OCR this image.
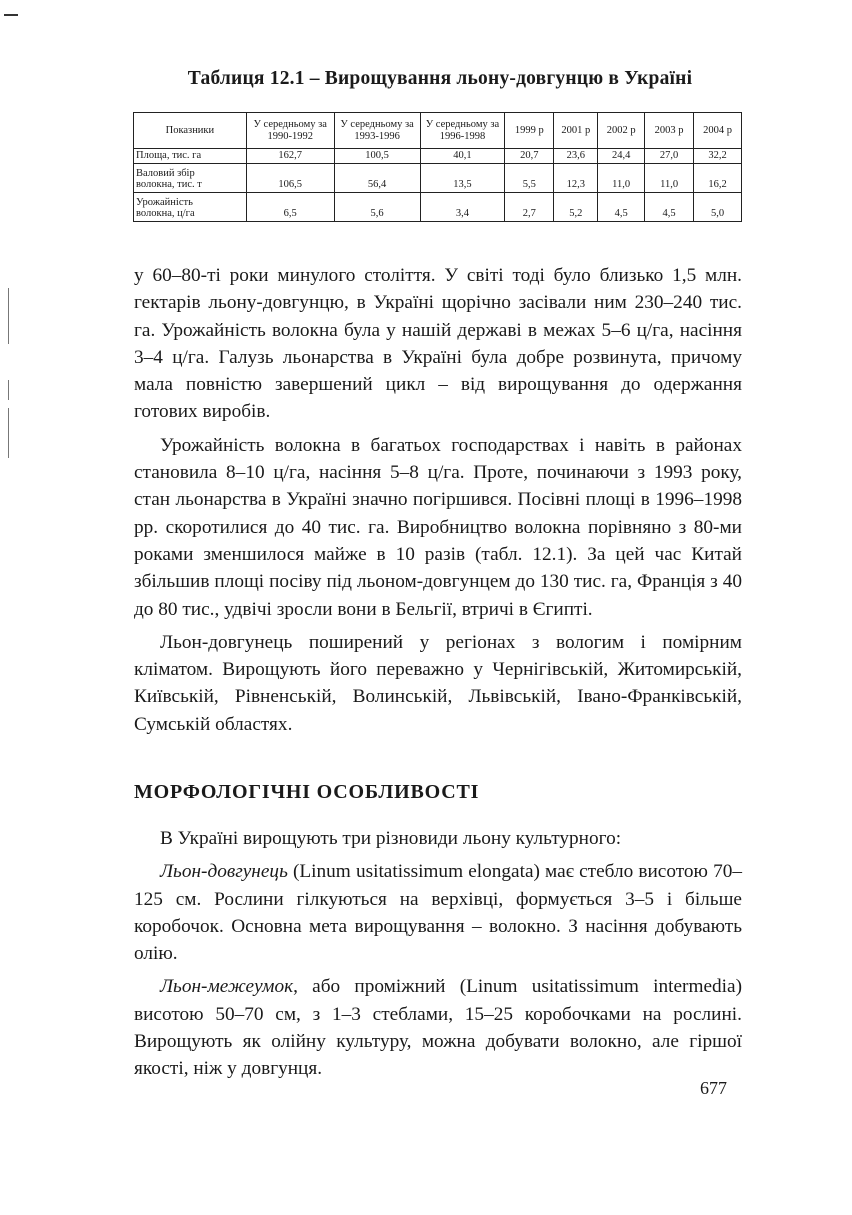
Таблиця 12.1 – Вирощування льону-довгунцю в Україні
Показники	У середньому за 1990-1992	У середньому за 1993-1996	У середньому за 1996-1998	1999 р	2001 р	2002 р	2003 р	2004 р

Площа, тис. га	162,7	100,5	40,1	20,7	23,6	24,4	27,0	32,2

Валовий збір
волокна, тис. т	106,5	56,4	13,5	5,5	12,3	11,0	11,0	16,2

Урожайність
волокна, ц/га	6,5	5,6	3,4	2,7	5,2	4,5	4,5	5,0

у 60–80-ті роки минулого століття. У світі тоді було близько 1,5 млн. гектарів льону-довгунцю, в Україні щорічно засівали ним 230–240 тис. га. Урожайність волокна була у нашій державі в межах 5–6 ц/га, насіння 3–4 ц/га. Галузь льонарства в Україні була добре розвинута, причому мала повністю завершений цикл – від вирощування до одержання готових виробів.

Урожайність волокна в багатьох господарствах і навіть в районах становила 8–10 ц/га, насіння 5–8 ц/га. Проте, починаючи з 1993 року, стан льонарства в Україні значно погіршився. Посівні площі в 1996–1998 рр. скоротилися до 40 тис. га. Виробництво волокна порівняно з 80-ми роками зменшилося майже в 10 разів (табл. 12.1). За цей час Китай збільшив площі посіву під льоном-довгунцем до 130 тис. га, Франція з 40 до 80 тис., удвічі зросли вони в Бельгії, втричі в Єгипті.

Льон-довгунець поширений у регіонах з вологим і помірним кліматом. Вирощують його переважно у Чернігівській, Житомирській, Київській, Рівненській, Волинській, Львівській, Івано-Франківській, Сумській областях.

МОРФОЛОГІЧНІ ОСОБЛИВОСТІ

В Україні вирощують три різновиди льону культурного:

Льон-довгунець (Linum usitatissimum elongata) має стебло висотою 70–125 см. Рослини гілкуються на верхівці, формується 3–5 і більше коробочок. Основна мета вирощування – волокно. З насіння добувають олію.

Льон-межеумок, або проміжний (Linum usitatissimum intermedia) висотою 50–70 см, з 1–3 стеблами, 15–25 коробочками на рослині. Вирощують як олійну культуру, можна добувати волокно, але гіршої якості, ніж у довгунця.

677
